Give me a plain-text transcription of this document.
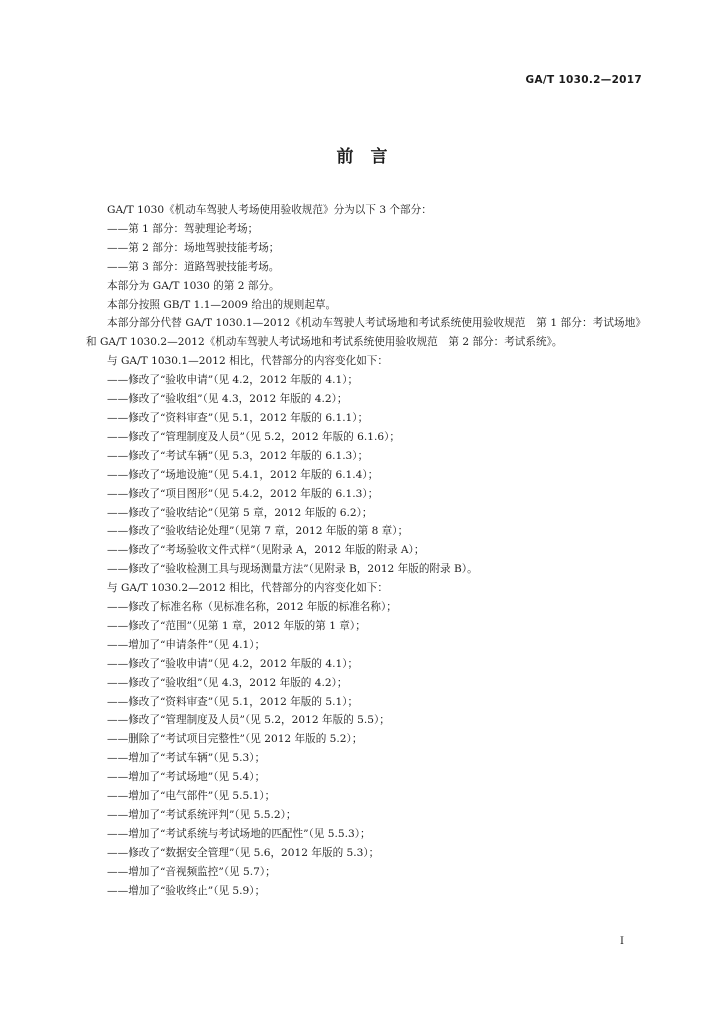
GA/T 1030.2—2017
前　言
GA/T 1030《机动车驾驶人考场使用验收规范》分为以下 3 个部分：
——第 1 部分：驾驶理论考场；
——第 2 部分：场地驾驶技能考场；
——第 3 部分：道路驾驶技能考场。
本部分为 GA/T 1030 的第 2 部分。
本部分按照 GB/T 1.1—2009 给出的规则起草。
本部分部分代替 GA/T 1030.1—2012《机动车驾驶人考试场地和考试系统使用验收规范　第 1 部分：考试场地》和 GA/T 1030.2—2012《机动车驾驶人考试场地和考试系统使用验收规范　第 2 部分：考试系统》。
与 GA/T 1030.1—2012 相比，代替部分的内容变化如下：
——修改了“验收申请”（见 4.2，2012 年版的 4.1）；
——修改了“验收组”（见 4.3，2012 年版的 4.2）；
——修改了“资料审查”（见 5.1，2012 年版的 6.1.1）；
——修改了“管理制度及人员”（见 5.2，2012 年版的 6.1.6）；
——修改了“考试车辆”（见 5.3，2012 年版的 6.1.3）；
——修改了“场地设施”（见 5.4.1，2012 年版的 6.1.4）；
——修改了“项目图形”（见 5.4.2，2012 年版的 6.1.3）；
——修改了“验收结论”（见第 5 章，2012 年版的 6.2）；
——修改了“验收结论处理”（见第 7 章，2012 年版的第 8 章）；
——修改了“考场验收文件式样”（见附录 A，2012 年版的附录 A）；
——修改了“验收检测工具与现场测量方法”（见附录 B，2012 年版的附录 B）。
与 GA/T 1030.2—2012 相比，代替部分的内容变化如下：
——修改了标准名称（见标准名称，2012 年版的标准名称）；
——修改了“范围”（见第 1 章，2012 年版的第 1 章）；
——增加了“申请条件”（见 4.1）；
——修改了“验收申请”（见 4.2，2012 年版的 4.1）；
——修改了“验收组”（见 4.3，2012 年版的 4.2）；
——修改了“资料审查”（见 5.1，2012 年版的 5.1）；
——修改了“管理制度及人员”（见 5.2，2012 年版的 5.5）；
——删除了“考试项目完整性”（见 2012 年版的 5.2）；
——增加了“考试车辆”（见 5.3）；
——增加了“考试场地”（见 5.4）；
——增加了“电气部件”（见 5.5.1）；
——增加了“考试系统评判”（见 5.5.2）；
——增加了“考试系统与考试场地的匹配性”（见 5.5.3）；
——修改了“数据安全管理”（见 5.6，2012 年版的 5.3）；
——增加了“音视频监控”（见 5.7）；
——增加了“验收终止”（见 5.9）；
Ⅰ
